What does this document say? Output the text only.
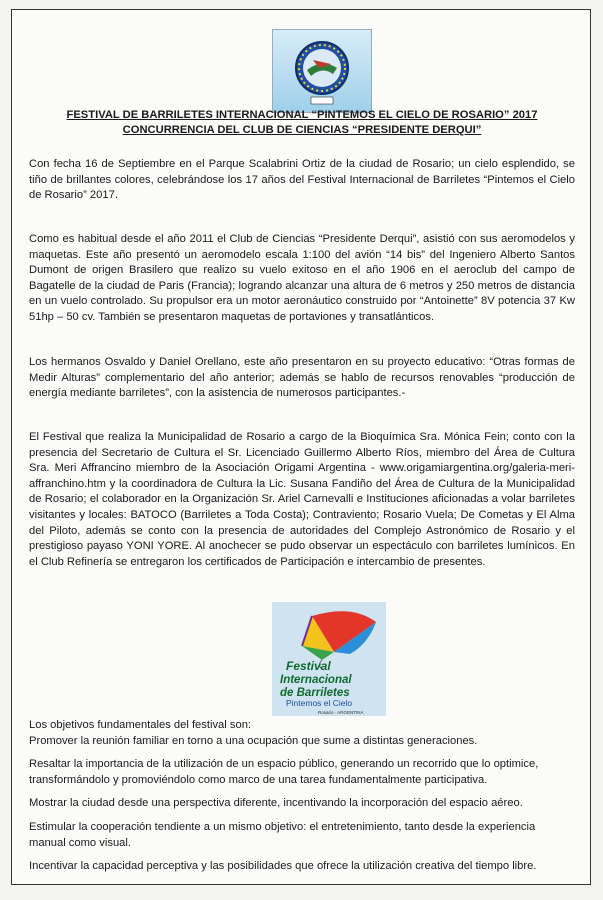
FESTIVAL DE BARRILETES INTERNACIONAL “PINTEMOS EL CIELO DE ROSARIO” 2017
CONCURRENCIA DEL CLUB DE CIENCIAS “PRESIDENTE DERQUI”

Con fecha 16 de Septiembre en el Parque Scalabrini Ortiz de la ciudad de Rosario; un cielo esplendido, se tiño de brillantes colores, celebrándose los 17 años del Festival Internacional de Barriletes “Pintemos el Cielo de Rosario” 2017.

Como es habitual desde el año 2011 el Club de Ciencias “Presidente Derqui”, asistió con sus aeromodelos y maquetas. Este año presentó un aeromodelo escala 1:100 del avión “14 bis” del Ingeniero Alberto Santos Dumont de origen Brasilero que realizo su vuelo exitoso en el año 1906 en el aeroclub del campo de Bagatelle de la ciudad de Paris (Francia); logrando alcanzar una altura de 6 metros y 250 metros de distancia en un vuelo controlado. Su propulsor era un motor aeronáutico construido por “Antoinette” 8V potencia 37 Kw 51hp – 50 cv. También se presentaron maquetas de portaviones y transatlánticos.

Los hermanos Osvaldo y Daniel Orellano, este año presentaron en su proyecto educativo: “Otras formas de Medir Alturas” complementario del año anterior; además se hablo de recursos renovables “producción de energía mediante barriletes”, con la asistencia de numerosos participantes.-

El Festival que realiza la Municipalidad de Rosario a cargo de la Bioquímica Sra. Mónica Fein; conto con la presencia del Secretario de Cultura el Sr. Licenciado Guillermo Alberto Ríos, miembro del Área de Cultura Sra. Meri Affrancino miembro de la Asociación Origami Argentina - www.origamiargentina.org/galeria-meri-affranchino.htm y la coordinadora de Cultura la Lic. Susana Fandiño del Área de Cultura de la Municipalidad de Rosario; el colaborador en la Organización Sr. Ariel Carnevalli e Instituciones aficionadas a volar barriletes visitantes y locales: BATOCO (Barriletes a Toda Costa); Contraviento; Rosario Vuela; De Cometas y El Alma del Piloto, además se conto con la presencia de autoridades del Complejo Astronómico de Rosario y el prestigioso payaso YONI YORE. Al anochecer se pudo observar un espectáculo con barriletes lumínicos. En el Club Refinería se entregaron los certificados de Participación e intercambio de presentes.

Festival
Internacional
de Barriletes
Pintemos el Cielo
Rosario · ARGENTINA

Los objetivos fundamentales del festival son:

Promover la reunión familiar en torno a una ocupación que sume a distintas generaciones.

Resaltar la importancia de la utilización de un espacio público, generando un recorrido que lo optimice, transformándolo y promoviéndolo como marco de una tarea fundamentalmente participativa.

Mostrar la ciudad desde una perspectiva diferente, incentivando la incorporación del espacio aéreo.

Estimular la cooperación tendiente a un mismo objetivo: el entretenimiento, tanto desde la experiencia manual como visual.

Incentivar la capacidad perceptiva y las posibilidades que ofrece la utilización creativa del tiempo libre.
